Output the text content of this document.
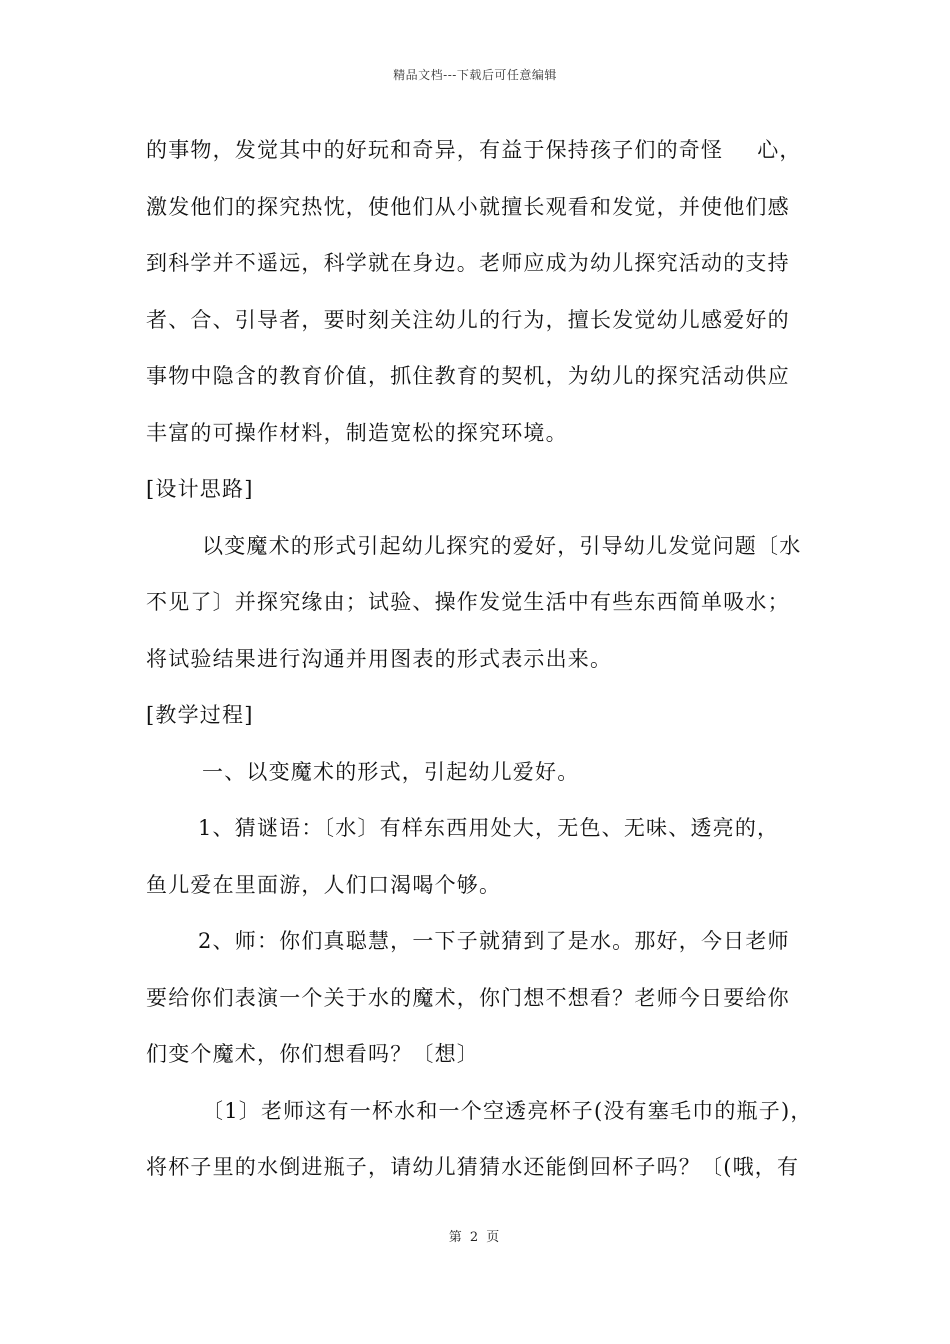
精品文档---下载后可任意编辑
的事物，发觉其中的好玩和奇异，有益于保持孩子们的奇怪 心，
激发他们的探究热忱，使他们从小就擅长观看和发觉，并使他们感
到科学并不遥远，科学就在身边。老师应成为幼儿探究活动的支持
者、合、引导者，要时刻关注幼儿的行为，擅长发觉幼儿感爱好的
事物中隐含的教育价值，抓住教育的契机，为幼儿的探究活动供应
丰富的可操作材料，制造宽松的探究环境。
[设计思路]
以变魔术的形式引起幼儿探究的爱好，引导幼儿发觉问题〔水
不见了〕并探究缘由；试验、操作发觉生活中有些东西简单吸水；
将试验结果进行沟通并用图表的形式表示出来。
[教学过程]
一、以变魔术的形式，引起幼儿爱好。
1、猜谜语：〔水〕有样东西用处大，无色、无味、透亮的，
鱼儿爱在里面游，人们口渴喝个够。
2、师：你们真聪慧，一下子就猜到了是水。那好，今日老师
要给你们表演一个关于水的魔术，你门想不想看？老师今日要给你
们变个魔术，你们想看吗？〔想〕
〔1〕老师这有一杯水和一个空透亮杯子(没有塞毛巾的瓶子)，
将杯子里的水倒进瓶子，请幼儿猜猜水还能倒回杯子吗？〔(哦，有
第 2 页
